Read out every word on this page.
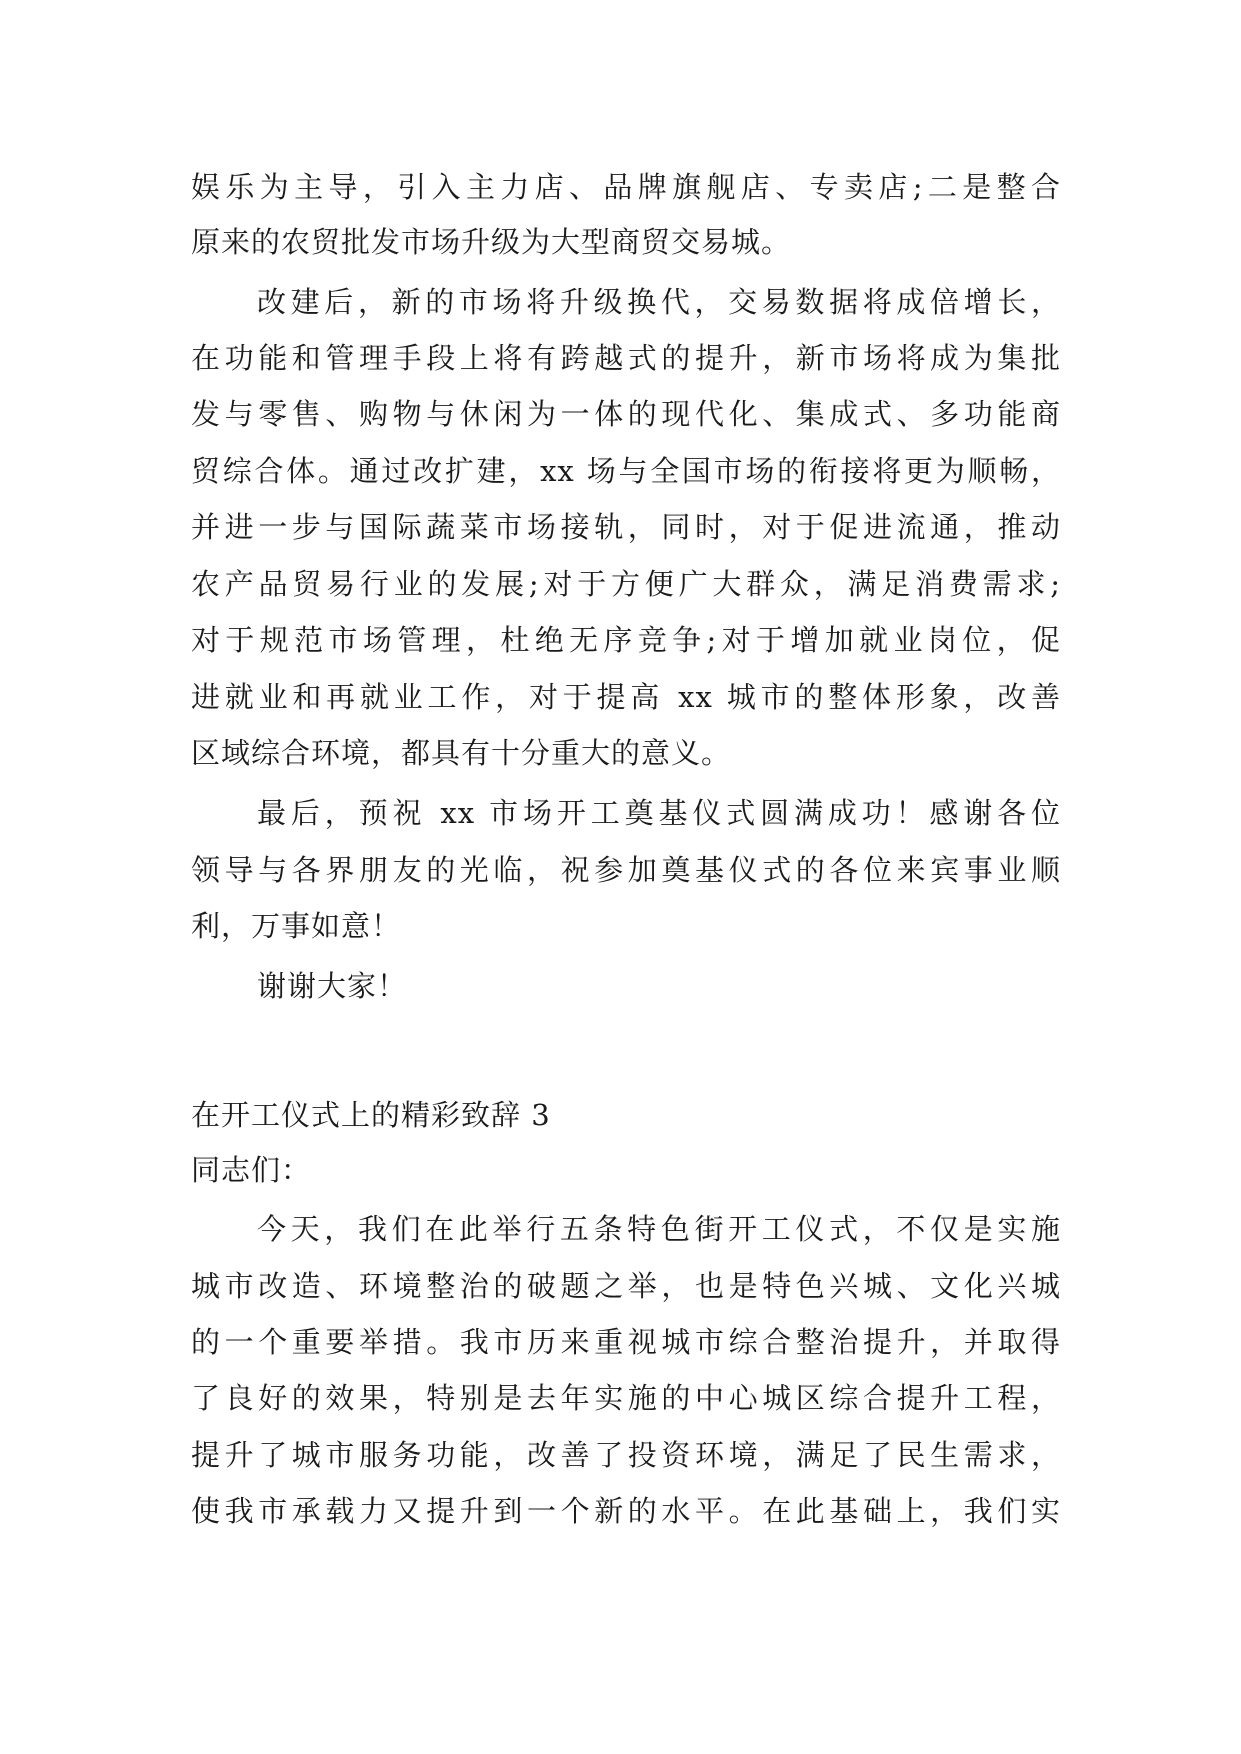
娱乐为主导，引入主力店、品牌旗舰店、专卖店;二是整合
原来的农贸批发市场升级为大型商贸交易城。
改建后，新的市场将升级换代，交易数据将成倍增长，
在功能和管理手段上将有跨越式的提升，新市场将成为集批
发与零售、购物与休闲为一体的现代化、集成式、多功能商
贸综合体。通过改扩建，xx 场与全国市场的衔接将更为顺畅，
并进一步与国际蔬菜市场接轨，同时，对于促进流通，推动
农产品贸易行业的发展;对于方便广大群众，满足消费需求;
对于规范市场管理，杜绝无序竞争;对于增加就业岗位，促
进就业和再就业工作，对于提高 xx 城市的整体形象，改善
区域综合环境，都具有十分重大的意义。
最后，预祝 xx 市场开工奠基仪式圆满成功！感谢各位
领导与各界朋友的光临，祝参加奠基仪式的各位来宾事业顺
利，万事如意！
谢谢大家！
在开工仪式上的精彩致辞 3
同志们：
今天，我们在此举行五条特色街开工仪式，不仅是实施
城市改造、环境整治的破题之举，也是特色兴城、文化兴城
的一个重要举措。我市历来重视城市综合整治提升，并取得
了良好的效果，特别是去年实施的中心城区综合提升工程，
提升了城市服务功能，改善了投资环境，满足了民生需求，
使我市承载力又提升到一个新的水平。在此基础上，我们实
